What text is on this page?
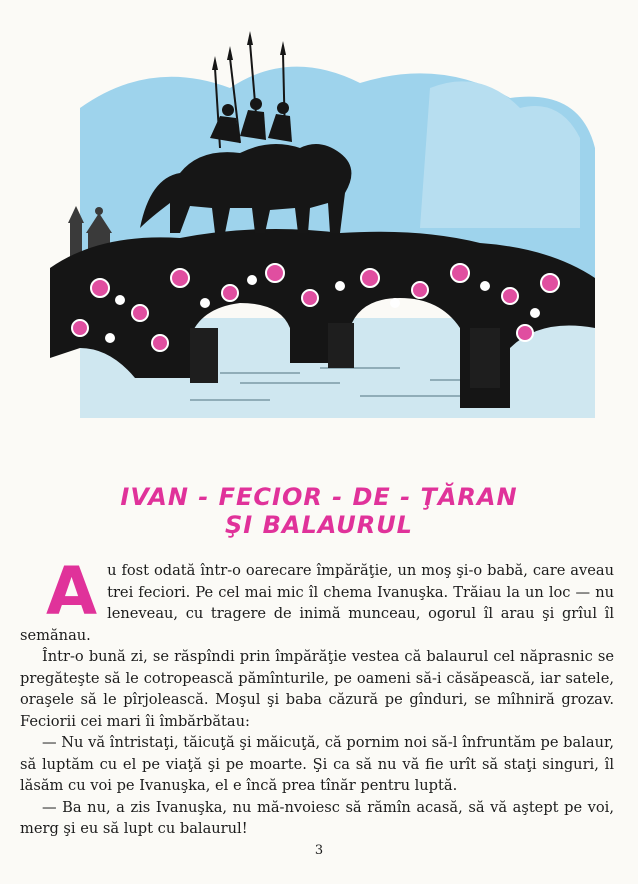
IVAN - FECIOR - DE - ŢĂRAN
ŞI BALAURUL

Au fost odată într-o oarecare împărăţie, un moş şi-o babă, care aveau trei feciori. Pe cel mai mic îl chema Ivanuşka. Trăiau la un loc — nu leneveau, cu tragere de inimă munceau, ogorul îl arau şi grîul îl semănau.

Într-o bună zi, se răspîndi prin împărăţie vestea că balaurul cel năprasnic se pregăteşte să le cotropească pămînturile, pe oameni să-i căsăpească, iar satele, oraşele să le pîrjolească. Moşul şi baba căzură pe gînduri, se mîhniră grozav. Feciorii cei mari îi îmbărbătau:

— Nu vă întristaţi, tăicuţă şi măicuţă, că pornim noi să-l înfruntăm pe balaur, să luptăm cu el pe viaţă şi pe moarte. Şi ca să nu vă fie urît să staţi singuri, îl lăsăm cu voi pe Ivanuşka, el e încă prea tînăr pentru luptă.

— Ba nu, a zis Ivanuşka, nu mă-nvoiesc să rămîn acasă, să vă aştept pe voi, merg şi eu să lupt cu balaurul!

3
